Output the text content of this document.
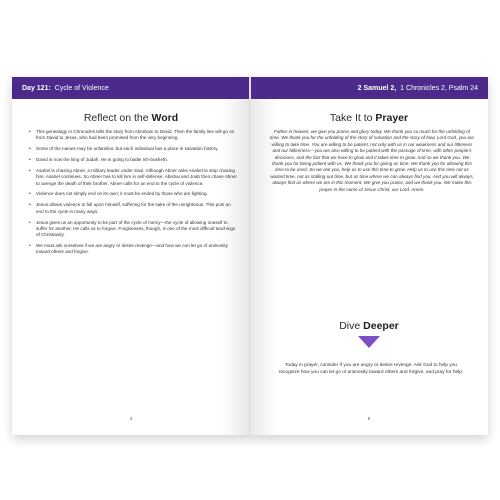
Day 121: Cycle of Violence
Reflect on the Word
• This genealogy in Chronicles tells the story from Abraham to David. Then the family line will go on from David to Jesus, who had been promised from the very beginning.
• Some of the names may be unfamiliar, but each individual has a place in salvation history.
• David is now the king of Judah. He is going to battle Ish-bosheth.
• Asahel is chasing Abner, a military leader under Saul. Although Abner asks Asahel to stop chasing him, Asahel continues. So Abner has to kill him in self-defense. Abishai and Joab then chase Abner to avenge the death of their brother. Abner calls for an end to the cycle of violence.
• Violence does not simply end on its own; it must be ended by those who are fighting.
• Jesus allows violence to fall upon himself, suffering for the sake of the unrighteous. This puts an end to the cycle in many ways.
• Jesus gives us an opportunity to be part of the cycle of mercy—the cycle of allowing oneself to suffer for another. He calls us to forgive. Forgiveness, though, is one of the most difficult teachings of Christianity.
• We must ask ourselves if we are angry or desire revenge—and how we can let go of animosity toward others and forgive.
4
2 Samuel 2, 1 Chronicles 2, Psalm 24
Take It to Prayer

Father in heaven, we give you praise and glory today. We thank you so much for the unfolding of time. We thank you for the unfolding of the story of salvation and the story of how, Lord God, you are willing to take time. You are willing to be patient, not only with us in our weakness and our littleness and our fallenness—you are also willing to be patient with the passage of time, with other people's decisions, and the fact that we have to grow and it takes time to grow. And so we thank you. We thank you for being patient with us. We thank you for giving us time. We thank you for allowing this time to be used. So we ask you, help us to use this time to grow. Help us to use this time not as wasted time, not as stalling-out time, but as time where we can always find you. And you will always, always find us where we are in this moment. We give you praise, and we thank you. We make this prayer in the name of Jesus Christ, our Lord. Amen.

Dive Deeper

Today in prayer, consider if you are angry or desire revenge. Ask God to help you recognize how you can let go of animosity toward others and forgive, and pray for help.

5
